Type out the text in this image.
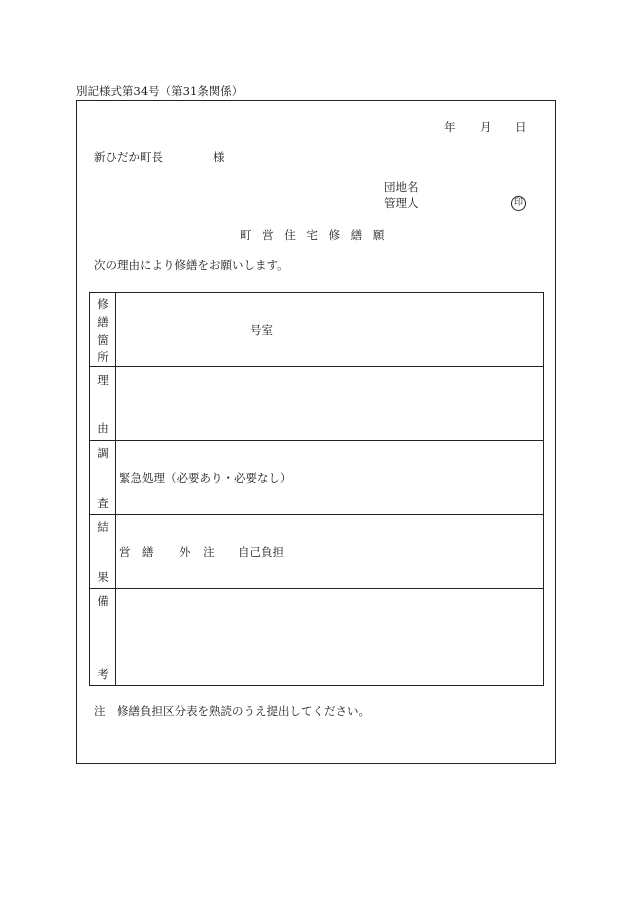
別記様式第34号（第31条関係）
年 月 日
新ひだか町長	様
団地名
管理人	印
町 営 住 宅 修 繕 願
次の理由により修繕をお願いします。
修
繕
箇
所
号室
理
由
調
査
緊急処理（必要あり・必要なし）
結
果
営　繕 外 注 自己負担
備
考
注　修繕負担区分表を熟読のうえ提出してください。
